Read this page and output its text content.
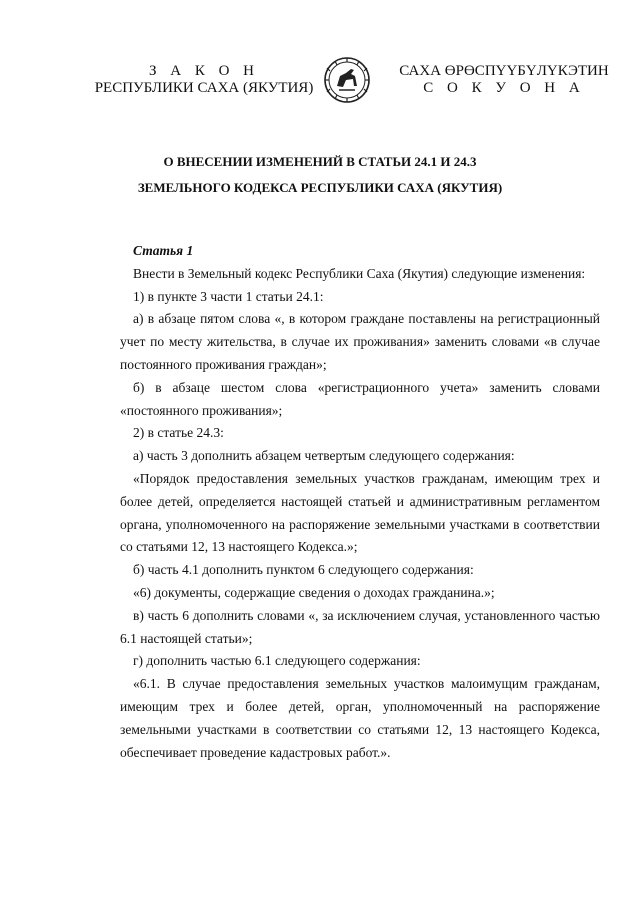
З А К О Н
РЕСПУБЛИКИ САХА (ЯКУТИЯ)
САХА ӨРӨСПҮҮБҮЛҮКЭТИН
С О К У О Н А
О ВНЕСЕНИИ ИЗМЕНЕНИЙ В СТАТЬИ 24.1 И 24.3
ЗЕМЕЛЬНОГО КОДЕКСА РЕСПУБЛИКИ САХА (ЯКУТИЯ)

Статья 1

Внести в Земельный кодекс Республики Саха (Якутия) следующие изменения:

1) в пункте 3 части 1 статьи 24.1:

а) в абзаце пятом слова «, в котором граждане поставлены на регистрационный учет по месту жительства, в случае их проживания» заменить словами «в случае постоянного проживания граждан»;

б) в абзаце шестом слова «регистрационного учета» заменить словами «постоянного проживания»;

2) в статье 24.3:

а) часть 3 дополнить абзацем четвертым следующего содержания:

«Порядок предоставления земельных участков гражданам, имеющим трех и более детей, определяется настоящей статьей и административным регламентом органа, уполномоченного на распоряжение земельными участками в соответствии со статьями 12, 13 настоящего Кодекса.»;

б) часть 4.1 дополнить пунктом 6 следующего содержания:

«6) документы, содержащие сведения о доходах гражданина.»;

в) часть 6 дополнить словами «, за исключением случая, установленного частью 6.1 настоящей статьи»;

г) дополнить частью 6.1 следующего содержания:

«6.1. В случае предоставления земельных участков малоимущим гражданам, имеющим трех и более детей, орган, уполномоченный на распоряжение земельными участками в соответствии со статьями 12, 13 настоящего Кодекса, обеспечивает проведение кадастровых работ.».
